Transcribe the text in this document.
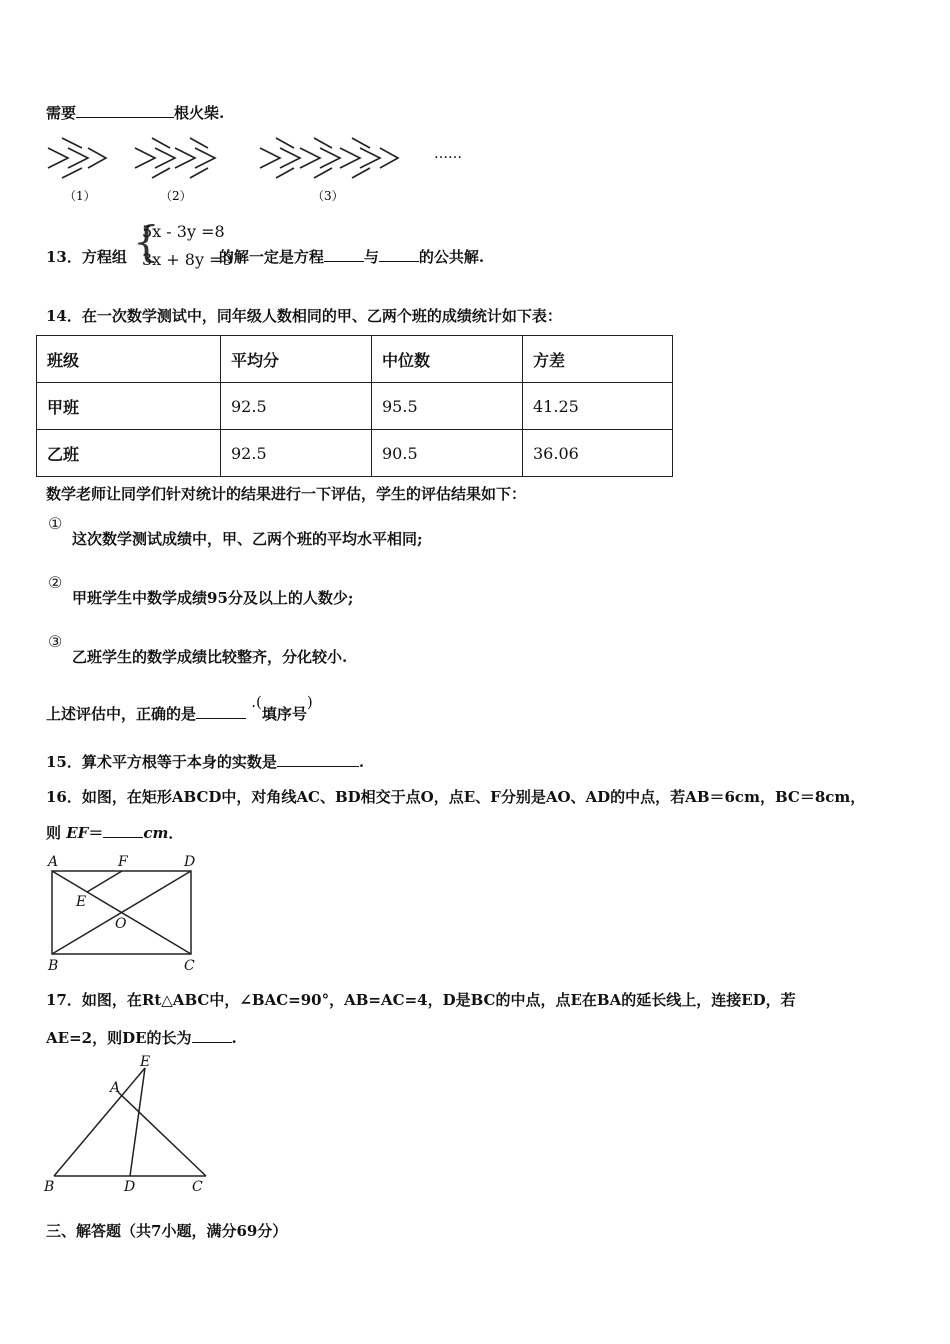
需要	根火柴.
（1）	（2）	（3）
……
{
5x - 3y =8
3x + 8y =9
13．方程组	的解一定是方程	与	的公共解.
14．在一次数学测试中，同年级人数相同的甲、乙两个班的成绩统计如下表：
班级	平均分	中位数	方差
甲班	92.5	95.5	41.25
乙班	92.5	90.5	36.06
数学老师让同学们针对统计的结果进行一下评估，学生的评估结果如下：
①
这次数学测试成绩中，甲、乙两个班的平均水平相同;
②
甲班学生中数学成绩95分及以上的人数少;
③
乙班学生的数学成绩比较整齐，分化较小.
上述评估中，正确的是 .(填序号)
15．算术平方根等于本身的实数是	.
16．如图，在矩形ABCD中，对角线AC、BD相交于点O，点E、F分别是AO、AD的中点，若AB＝6cm，BC＝8cm，
则 EF＝	cm．
A	F	D
E
O
B	C
17．如图，在Rt△ABC中，∠BAC=90°，AB=AC=4，D是BC的中点，点E在BA的延长线上，连接ED，若
AE=2，则DE的长为	.
E
A
B	D	C
三、解答题（共7小题，满分69分）
